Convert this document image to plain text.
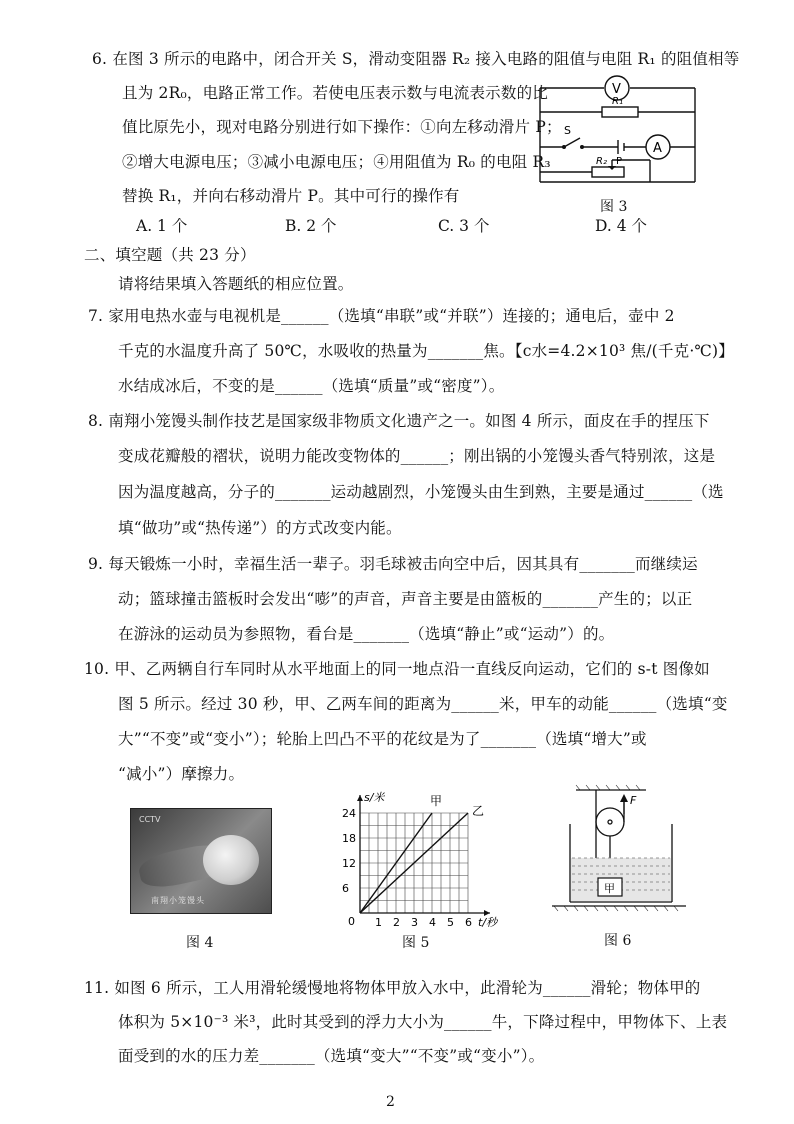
6. 在图 3 所示的电路中，闭合开关 S，滑动变阻器 R₂ 接入电路的阻值与电阻 R₁ 的阻值相等
且为 2R₀，电路正常工作。若使电压表示数与电流表示数的比
值比原先小，现对电路分别进行如下操作：①向左移动滑片 P；
②增大电源电压；③减小电源电压；④用阻值为 R₀ 的电阻 R₃
替换 R₁，并向右移动滑片 P。其中可行的操作有
A. 1 个	B. 2 个	C. 3 个	D. 4 个
V
A
R₁
S
R₂ P
图 3
二、填空题（共 23 分）
请将结果填入答题纸的相应位置。
7. 家用电热水壶与电视机是______（选填“串联”或“并联”）连接的；通电后，壶中 2
千克的水温度升高了 50℃，水吸收的热量为_______焦。【c水=4.2×10³ 焦/(千克·℃)】
水结成冰后，不变的是______（选填“质量”或“密度”）。
8. 南翔小笼馒头制作技艺是国家级非物质文化遗产之一。如图 4 所示，面皮在手的捏压下
变成花瓣般的褶状，说明力能改变物体的______；刚出锅的小笼馒头香气特别浓，这是
因为温度越高，分子的_______运动越剧烈，小笼馒头由生到熟，主要是通过______（选
填“做功”或“热传递”）的方式改变内能。
9. 每天锻炼一小时，幸福生活一辈子。羽毛球被击向空中后，因其具有_______而继续运
动；篮球撞击篮板时会发出“嘭”的声音，声音主要是由篮板的_______产生的；以正
在游泳的运动员为参照物，看台是_______（选填“静止”或“运动”）的。
10. 甲、乙两辆自行车同时从水平地面上的同一地点沿一直线反向运动，它们的 s-t 图像如
图 5 所示。经过 30 秒，甲、乙两车间的距离为______米，甲车的动能______（选填“变
大”“不变”或“变小”）；轮胎上凹凸不平的花纹是为了_______（选填“增大”或
“减小”）摩擦力。
CCTV
南翔小笼馒头
图 4
1 2 3 4 5 6
6
12
18
24
0
s/米
t/秒
甲
乙
图 5
甲
F
图 6
11. 如图 6 所示，工人用滑轮缓慢地将物体甲放入水中，此滑轮为______滑轮；物体甲的
体积为 5×10⁻³ 米³，此时其受到的浮力大小为______牛，下降过程中，甲物体下、上表
面受到的水的压力差_______（选填“变大”“不变”或“变小”）。
2
